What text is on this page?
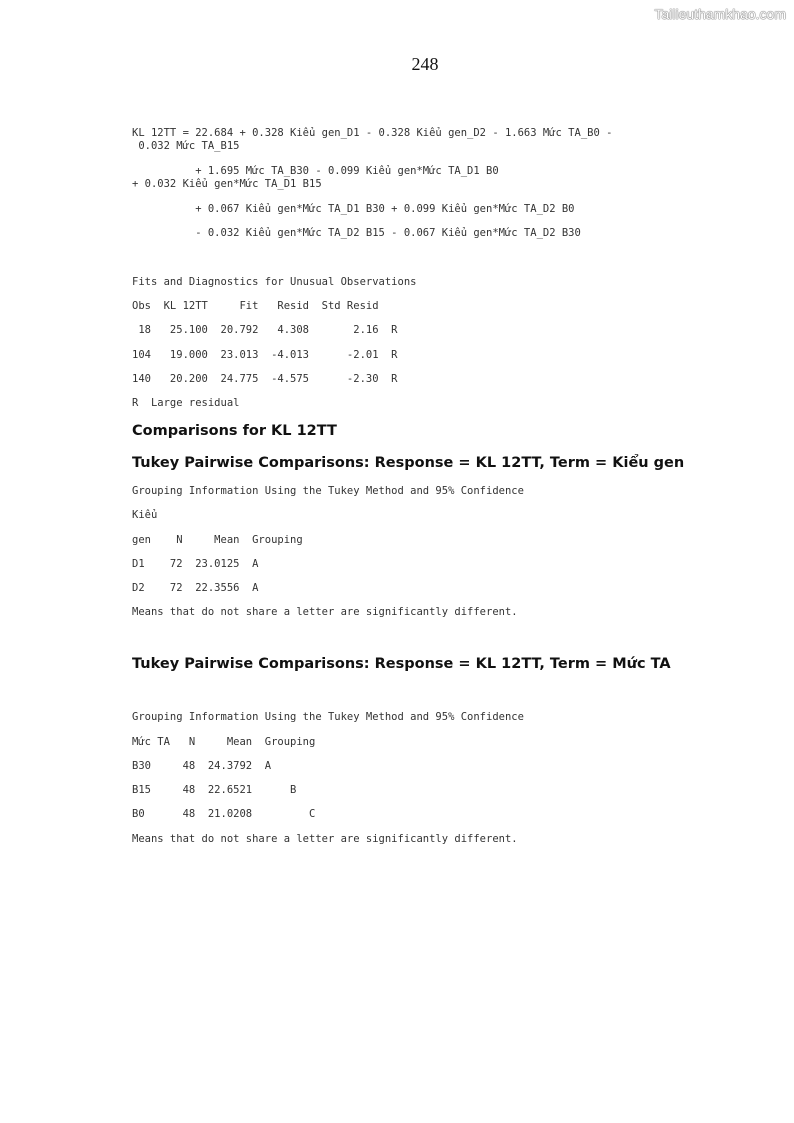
Tailieuthamkhao.com
248
KL 12TT = 22.684 + 0.328 Kiểu gen_D1 - 0.328 Kiểu gen_D2 - 1.663 Mức TA_B0 -
0.032 Mức TA_B15
+ 1.695 Mức TA_B30 - 0.099 Kiểu gen*Mức TA_D1 B0
+ 0.032 Kiểu gen*Mức TA_D1 B15
+ 0.067 Kiểu gen*Mức TA_D1 B30 + 0.099 Kiểu gen*Mức TA_D2 B0
- 0.032 Kiểu gen*Mức TA_D2 B15 - 0.067 Kiểu gen*Mức TA_D2 B30
Fits and Diagnostics for Unusual Observations
Obs  KL 12TT     Fit   Resid  Std Resid
18   25.100  20.792   4.308       2.16  R
104   19.000  23.013  -4.013      -2.01  R
140   20.200  24.775  -4.575      -2.30  R
R  Large residual
Comparisons for KL 12TT
Tukey Pairwise Comparisons: Response = KL 12TT, Term = Kiểu gen
Grouping Information Using the Tukey Method and 95% Confidence
Kiểu
gen    N     Mean  Grouping
D1    72  23.0125  A
D2    72  22.3556  A
Means that do not share a letter are significantly different.
Tukey Pairwise Comparisons: Response = KL 12TT, Term = Mức TA
Grouping Information Using the Tukey Method and 95% Confidence
Mức TA   N     Mean  Grouping
B30     48  24.3792  A
B15     48  22.6521      B
B0      48  21.0208         C
Means that do not share a letter are significantly different.
